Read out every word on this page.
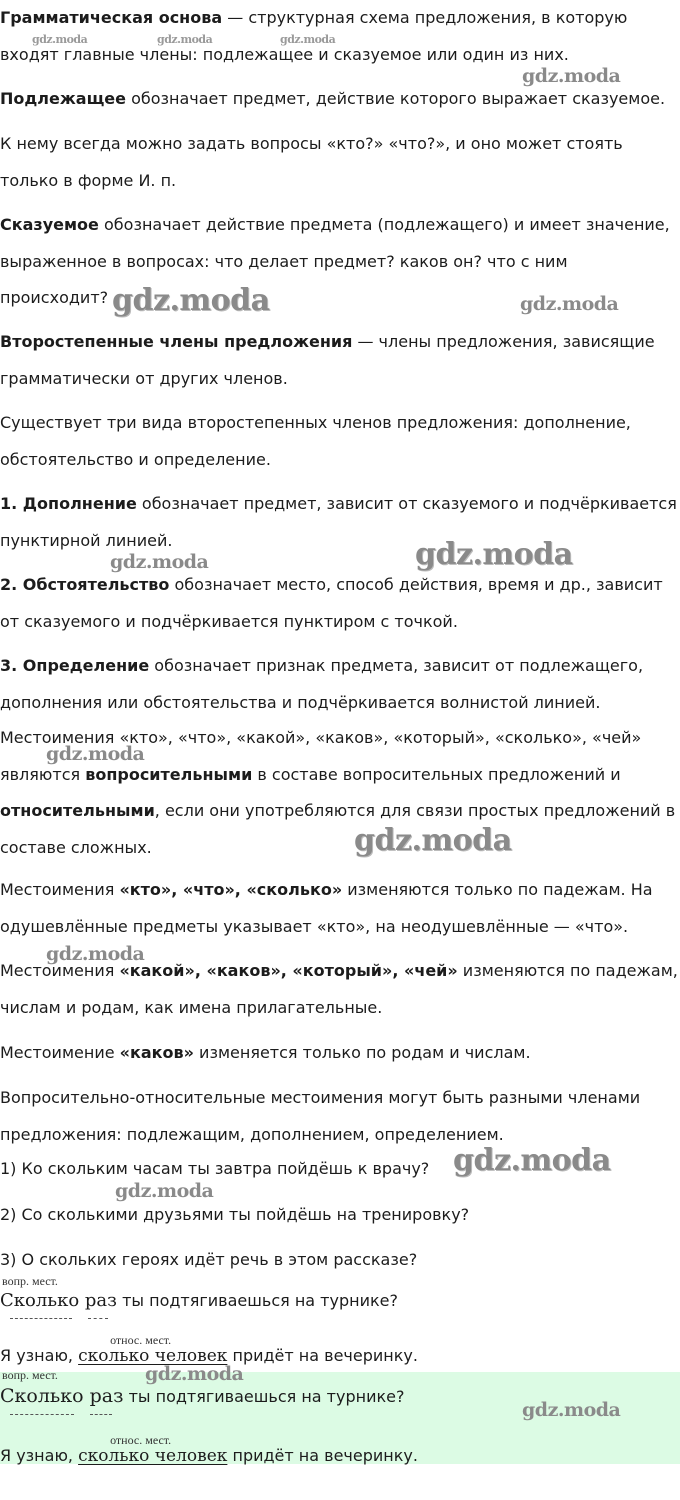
Грамматическая основа — структурная схема предложения, в которую входят главные члены: подлежащее и сказуемое или один из них.

Подлежащее обозначает предмет, действие которого выражает сказуемое.

К нему всегда можно задать вопросы «кто?» «что?», и оно может стоять только в форме И. п.

Сказуемое обозначает действие предмета (подлежащего) и имеет значение, выраженное в вопросах: что делает предмет? каков он? что с ним происходит?

Второстепенные члены предложения — члены предложения, зависящие грамматически от других членов.

Существует три вида второстепенных членов предложения: дополнение, обстоятельство и определение.

1. Дополнение обозначает предмет, зависит от сказуемого и подчёркивается пунктирной линией.

2. Обстоятельство обозначает место, способ действия, время и др., зависит от сказуемого и подчёркивается пунктиром с точкой.

3. Определение обозначает признак предмета, зависит от подлежащего, дополнения или обстоятельства и подчёркивается волнистой линией.

Местоимения «кто», «что», «какой», «каков», «который», «сколько», «чей» являются вопросительными в составе вопросительных предложений и относительными, если они употребляются для связи простых предложений в составе сложных.

Местоимения «кто», «что», «сколько» изменяются только по падежам. На одушевлённые предметы указывает «кто», на неодушевлённые — «что».

Местоимения «какой», «каков», «который», «чей» изменяются по падежам, числам и родам, как имена прилагательные.

Местоимение «каков» изменяется только по родам и числам.

Вопросительно-относительные местоимения могут быть разными членами предложения: подлежащим, дополнением, определением.

1) Ко скольким часам ты завтра пойдёшь к врачу?
2) Со сколькими друзьями ты пойдёшь на тренировку?
3) О скольких героях идёт речь в этом рассказе?
вопр. мест.
Сколько раз ты подтягиваешься на турнике?
Я узнаю,
относ. мест.
сколько человек придёт на вечеринку.
вопр. мест.
Сколько раз ты подтягиваешься на турнике?
Я узнаю,
относ. мест.
сколько человек придёт на вечеринку.
gdz.moda	gdz.moda	gdz.moda
gdz.moda
gdz.moda	gdz.moda
gdz.moda	gdz.moda
gdz.moda
gdz.moda
gdz.moda
gdz.moda
gdz.moda
gdz.moda
gdz.moda
